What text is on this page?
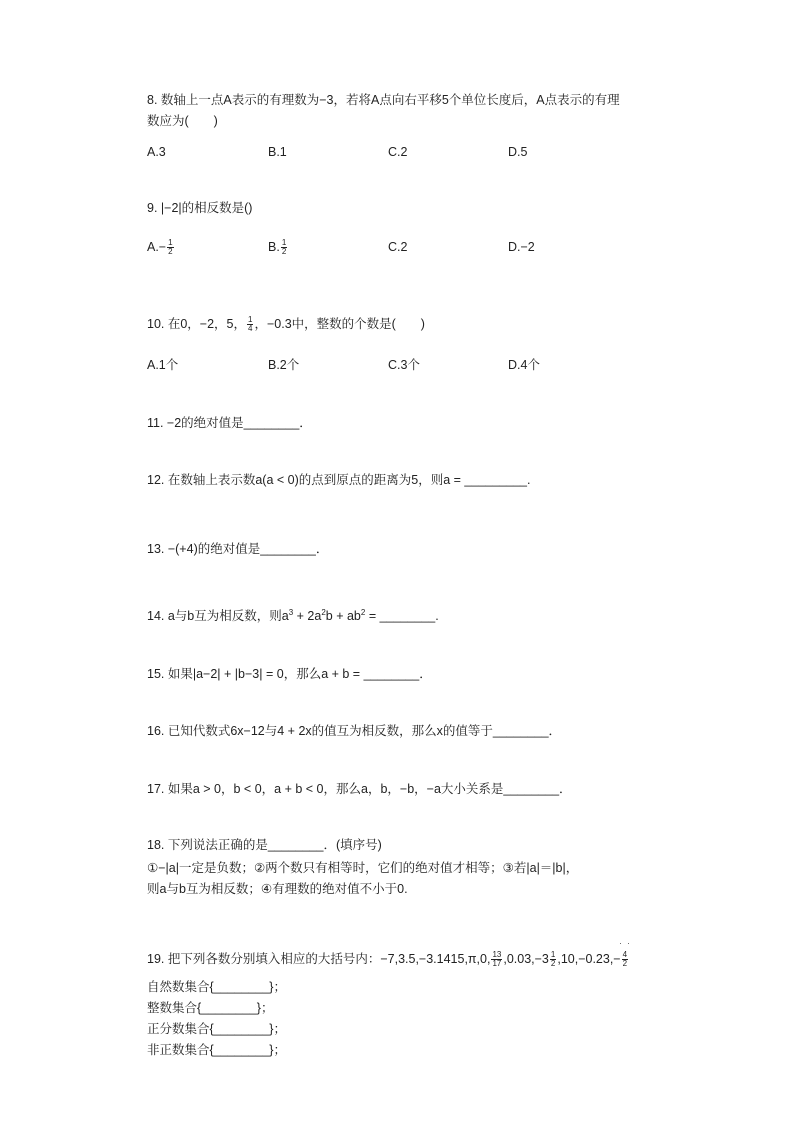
8. 数轴上一点A表示的有理数为−3，若将A点向右平移5个单位长度后，A点表示的有理
数应为(　　)
A.3	B.1	C.2	D.5
9. |−2|的相反数是()
$A.- \frac{1}{2}$	B. $\frac{1}{2}$	C.2	D.−2
10. 在0，−2，5， $\frac{1}{4}$ ，−0.3中，整数的个数是(　　)
A.1个	B.2个	C.3个	D.4个
11. −2的绝对值是________．
12. 在数轴上表示数a(a < 0)的点到原点的距离为5，则a = _________.
13. −(+4)的绝对值是________．
14. a与b互为相反数，则$a^3 + 2a^2b + ab^2$ = ________.
15. 如果|a−2| + |b−3| = 0，那么a + b = ________．
16. 已知代数式6x−12与4 + 2x的值互为相反数，那么x的值等于________．
17. 如果a > 0，b < 0，a + b < 0，那么a，b，−b，−a大小关系是________．
18. 下列说法正确的是________．(填序号)
①−|a|一定是负数；②两个数只有相等时，它们的绝对值才相等；③若|a|＝|b|，
则a与b互为相反数；④有理数的绝对值不小于0.
· ·
19. 把下列各数分别填入相应的大括号内：−7,3.5,−3.1415,π,0, $\frac{13}{17} ,0.03,-3 \frac{1}{2} ,10,-0.23,- \frac{4}{2}$
自然数集合{________}；
整数集合{________}；
正分数集合{________}；
非正数集合{________}；
